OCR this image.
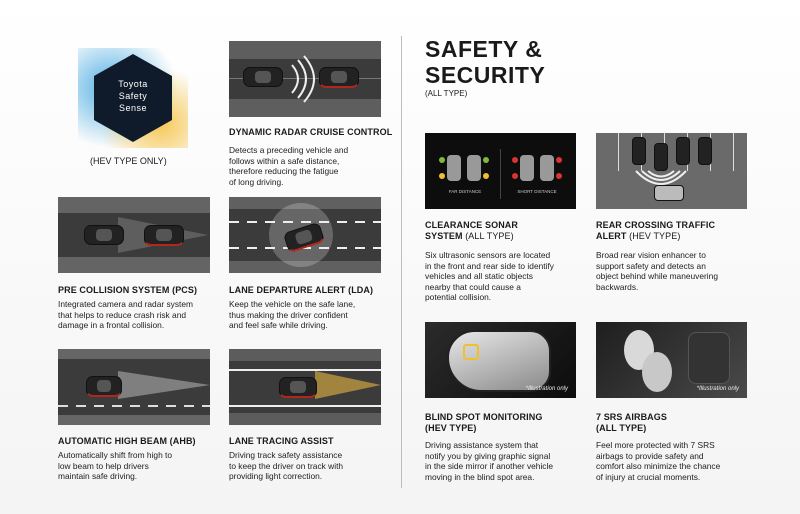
Toyota
Safety
Sense
(HEV TYPE ONLY)
DYNAMIC RADAR CRUISE CONTROL
Detects a preceding vehicle and
follows within a safe distance,
therefore reducing the fatigue
of long driving.
PRE COLLISION SYSTEM (PCS)
Integrated camera and radar system
that helps to reduce crash risk and
damage in a frontal collision.
LANE DEPARTURE ALERT (LDA)
Keep the vehicle on the safe lane,
thus making the driver confident
and feel safe while driving.
AUTOMATIC HIGH BEAM (AHB)
Automatically shift from high to
low beam to help drivers
maintain safe driving.
LANE TRACING ASSIST
Driving track safety assistance
to keep the driver on track with
providing light correction.
SAFETY &
SECURITY
(ALL TYPE)
FAR DISTANCE	SHORT DISTANCE
CLEARANCE SONAR
SYSTEM (ALL TYPE)
Six ultrasonic sensors are located
in the front and rear side to identify
vehicles and all static objects
nearby that could cause a
potential collision.
REAR CROSSING TRAFFIC
ALERT (HEV TYPE)
Broad rear vision enhancer to
support safety and detects an
object behind while maneuvering
backwards.
*Illustration only
BLIND SPOT MONITORING
(HEV TYPE)
Driving assistance system that
notify you by giving graphic signal
in the side mirror if another vehicle
moving in the blind spot area.
*Illustration only
7 SRS AIRBAGS
(ALL TYPE)
Feel more protected with 7 SRS
airbags to provide safety and
comfort also minimize the chance
of injury at crucial moments.
